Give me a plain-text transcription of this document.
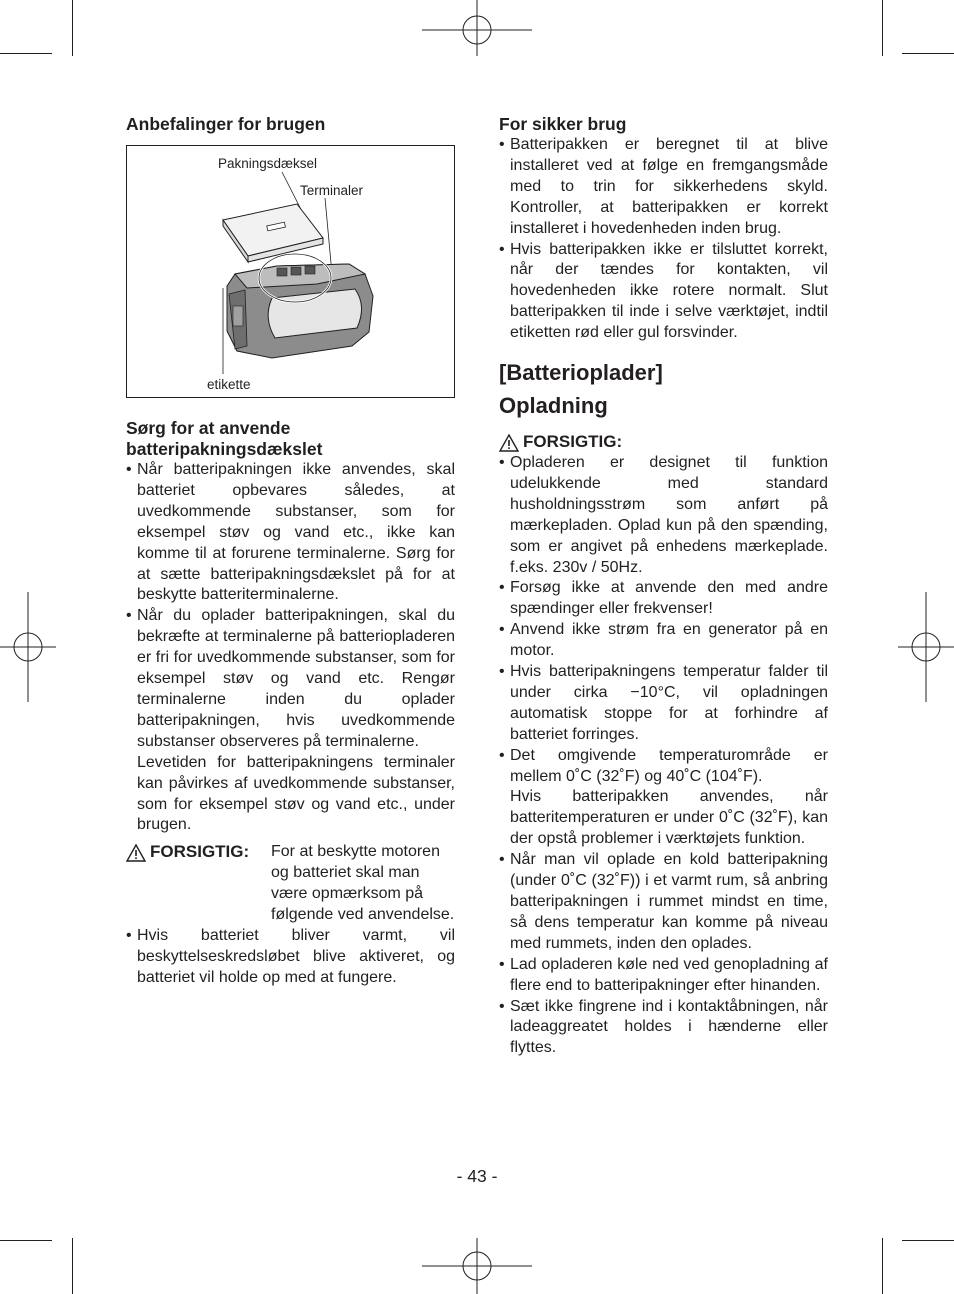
Anbefalinger for brugen
Pakningsdæksel
Terminaler
etikette
Sørg for at anvende
batteripakningsdækslet
• Når batteripakningen ikke anvendes, skal batteriet opbevares således, at uvedkommende substanser, som for eksempel støv og vand etc., ikke kan komme til at forurene terminalerne. Sørg for at sætte batteripakningsdækslet på for at beskytte batteriterminalerne.
• Når du oplader batteripakningen, skal du bekræfte at terminalerne på batteriopladeren er fri for uvedkommende substanser, som for eksempel støv og vand etc. Rengør terminalerne inden du oplader batteripakningen, hvis uvedkommende substanser observeres på terminalerne.

Levetiden for batteripakningens terminaler kan påvirkes af uvedkommende substanser, som for eksempel støv og vand etc., under brugen.

FORSIGTIG: For at beskytte motoren og batteriet skal man være opmærksom på følgende ved anvendelse.
• Hvis batteriet bliver varmt, vil beskyttelseskredsløbet blive aktiveret, og batteriet vil holde op med at fungere.
For sikker brug
• Batteripakken er beregnet til at blive installeret ved at følge en fremgangsmåde med to trin for sikkerhedens skyld. Kontroller, at batteripakken er korrekt installeret i hovedenheden inden brug.
• Hvis batteripakken ikke er tilsluttet korrekt, når der tændes for kontakten, vil hovedenheden ikke rotere normalt. Slut batteripakken til inde i selve værktøjet, indtil etiketten rød eller gul forsvinder.
[Batterioplader]
Opladning
FORSIGTIG:
• Opladeren er designet til funktion udelukkende med standard husholdningsstrøm som anført på mærkepladen. Oplad kun på den spænding, som er angivet på enhedens mærkeplade. f.eks. 230v / 50Hz.
• Forsøg ikke at anvende den med andre spændinger eller frekvenser!
• Anvend ikke strøm fra en generator på en motor.
• Hvis batteripakningens temperatur falder til under cirka −10°C, vil opladningen automatisk stoppe for at forhindre af batteriet forringes.
• Det omgivende temperaturområde er mellem 0˚C (32˚F) og 40˚C (104˚F).

Hvis batteripakken anvendes, når batteritemperaturen er under 0˚C (32˚F), kan der opstå problemer i værktøjets funktion.

• Når man vil oplade en kold batteripakning (under 0˚C (32˚F)) i et varmt rum, så anbring batteripakningen i rummet mindst en time, så dens temperatur kan komme på niveau med rummets, inden den oplades.
• Lad opladeren køle ned ved genopladning af flere end to batteripakninger efter hinanden.
• Sæt ikke fingrene ind i kontaktåbningen, når ladeaggreatet holdes i hænderne eller flyttes.
- 43 -
